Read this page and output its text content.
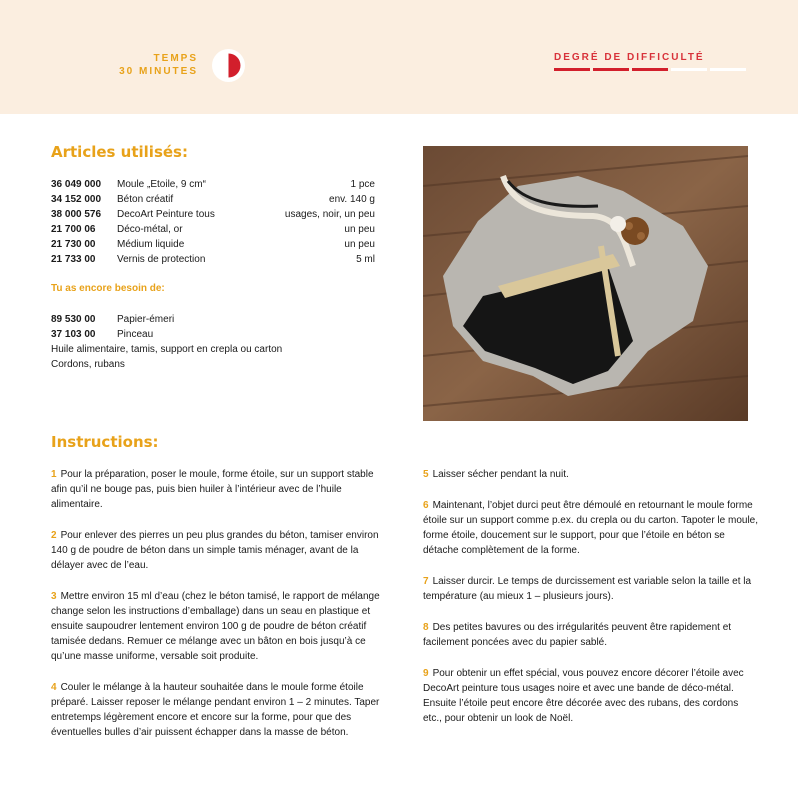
TEMPS
30 MINUTES
DEGRÉ DE DIFFICULTÉ
Articles utilisés:
36 049 000	Moule „Etoile, 9 cm“	1 pce
34 152 000	Béton créatif	env. 140 g
38 000 576	DecoArt Peinture tous	usages, noir, un peu
21 700 06	Déco-métal, or	un peu
21 730 00	Médium liquide	un peu
21 733 00	Vernis de protection	5 ml
Tu as encore besoin de:
89 530 00	Papier-émeri
37 103 00	Pinceau
Huile alimentaire, tamis, support en crepla ou carton
Cordons, rubans
Instructions:

1 Pour la préparation, poser le moule, forme étoile, sur un support stable afin qu’il ne bouge pas, puis bien huiler à l’intérieur avec de l’huile alimentaire.

2 Pour enlever des pierres un peu plus grandes du béton, tamiser environ 140 g de poudre de béton dans un simple tamis ménager, avant de la délayer avec de l’eau.

3 Mettre environ 15 ml d’eau (chez le béton tamisé, le rapport de mélange change selon les instructions d’emballage) dans un seau en plastique et ensuite saupoudrer lentement environ 100 g de poudre de béton créatif tamisée dedans. Remuer ce mélange avec un bâton en bois jusqu’à ce qu’une masse uniforme, versable soit produite.

4 Couler le mélange à la hauteur souhaitée dans le moule forme étoile préparé. Laisser reposer le mélange pendant environ 1 – 2 minutes. Taper entretemps légèrement encore et encore sur la forme, pour que des éventuelles bulles d’air puissent échapper dans la masse de béton.

5 Laisser sécher pendant la nuit.

6 Maintenant, l’objet durci peut être démoulé en retournant le moule forme étoile sur un support comme p.ex. du crepla ou du carton. Tapoter le moule, forme étoile, doucement sur le support, pour que l’étoile en béton se détache complètement de la forme.

7 Laisser durcir. Le temps de durcissement est variable selon la taille et la température (au mieux 1 – plusieurs jours).

8 Des petites bavures ou des irrégularités peuvent être rapidement et facilement poncées avec du papier sablé.

9 Pour obtenir un effet spécial, vous pouvez encore décorer l’étoile avec DecoArt peinture tous usages noire et avec une bande de déco-métal. Ensuite l’étoile peut encore être décorée avec des rubans, des cordons etc., pour obtenir un look de Noël.
